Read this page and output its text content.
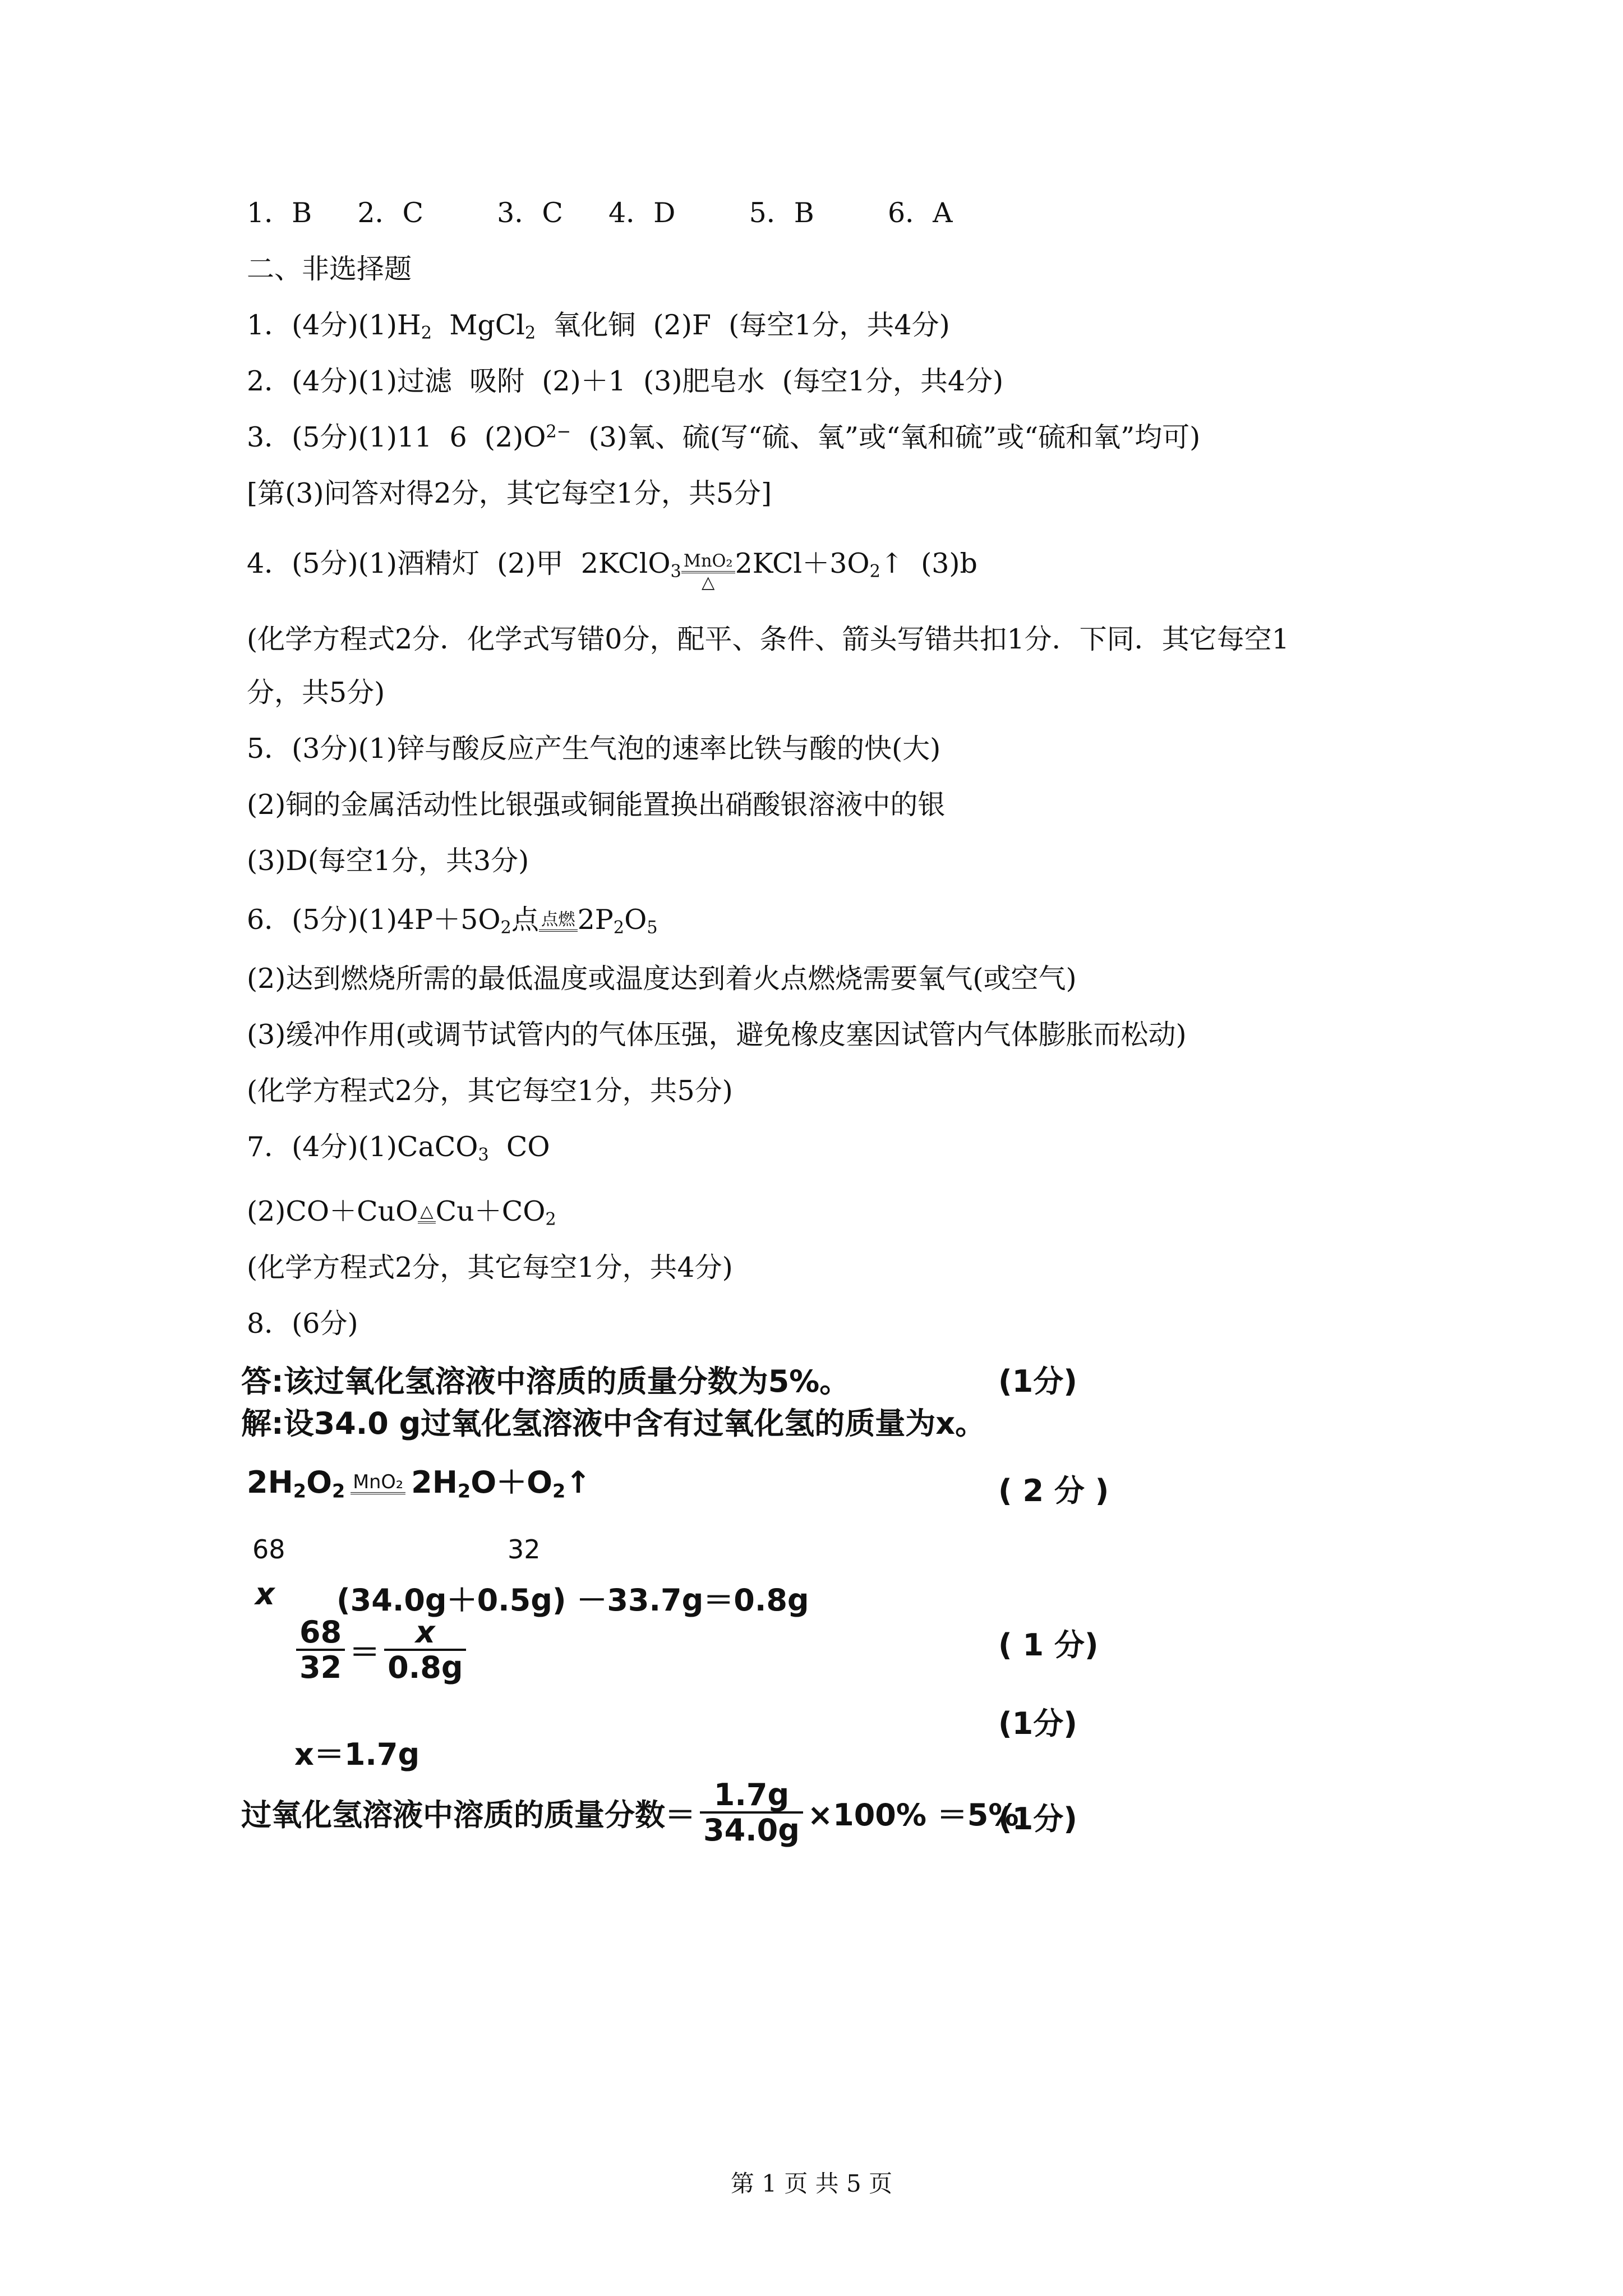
1．B 2．C	3．C 4．D	5．B	6．A
二、非选择题
1．(4分)$(1)H_2$  MgCl$_2$  氧化铜  (2)F  (每空1分，共4分)
2．(4分)(1)过滤  吸附  (2)＋1  (3)肥皂水  (每空1分，共4分)
3．(5分)(1)11  6  $(2)O^{2-}$  (3)氧、硫(写“硫、氧”或“氧和硫”或“硫和氧”均可)
[第(3)问答对得2分，其它每空1分，共5分]
4．(5分)(1)酒精灯  (2)甲  2KClO$_3$
MnO₂
△
$2KCl+3O_2↑$  (3)b
(化学方程式2分．化学式写错0分，配平、条件、箭头写错共扣1分．下同．其它每空1
分，共5分)
5．(3分)(1)锌与酸反应产生气泡的速率比铁与酸的快(大)
(2)铜的金属活动性比银强或铜能置换出硝酸银溶液中的银
(3)D(每空1分，共3分)
6．(5分)$(1)4P+5O_2$点 点燃 $2P_2O_5$
(2)达到燃烧所需的最低温度或温度达到着火点燃烧需要氧气(或空气)
(3)缓冲作用(或调节试管内的气体压强，避免橡皮塞因试管内气体膨胀而松动)
(化学方程式2分，其它每空1分，共5分)
7．(4分)(1)CaCO$_3$  CO
(2)CO＋CuO △ $Cu+CO_2$
(化学方程式2分，其它每空1分，共4分)
8．(6分)
答:该过氧化氢溶液中溶质的质量分数为5%。	(1分)
解:设34.0 g过氧化氢溶液中含有过氧化氢的质量为x。
$2H_2O_2$ MnO₂ $2H_2O+O_2↑$	( 2 分 )
68	32
x (34.0g＋0.5g) －33.7g＝0.8g
$\frac{68}{32} = \frac{x}{0.8g}$	( 1 分)
(1分)
x＝1.7g
过氧化氢溶液中溶质的质量分数＝ $\frac{1.7g}{34.0g} \times 100\% =5\%$
(1分)
第 1 页 共 5 页
